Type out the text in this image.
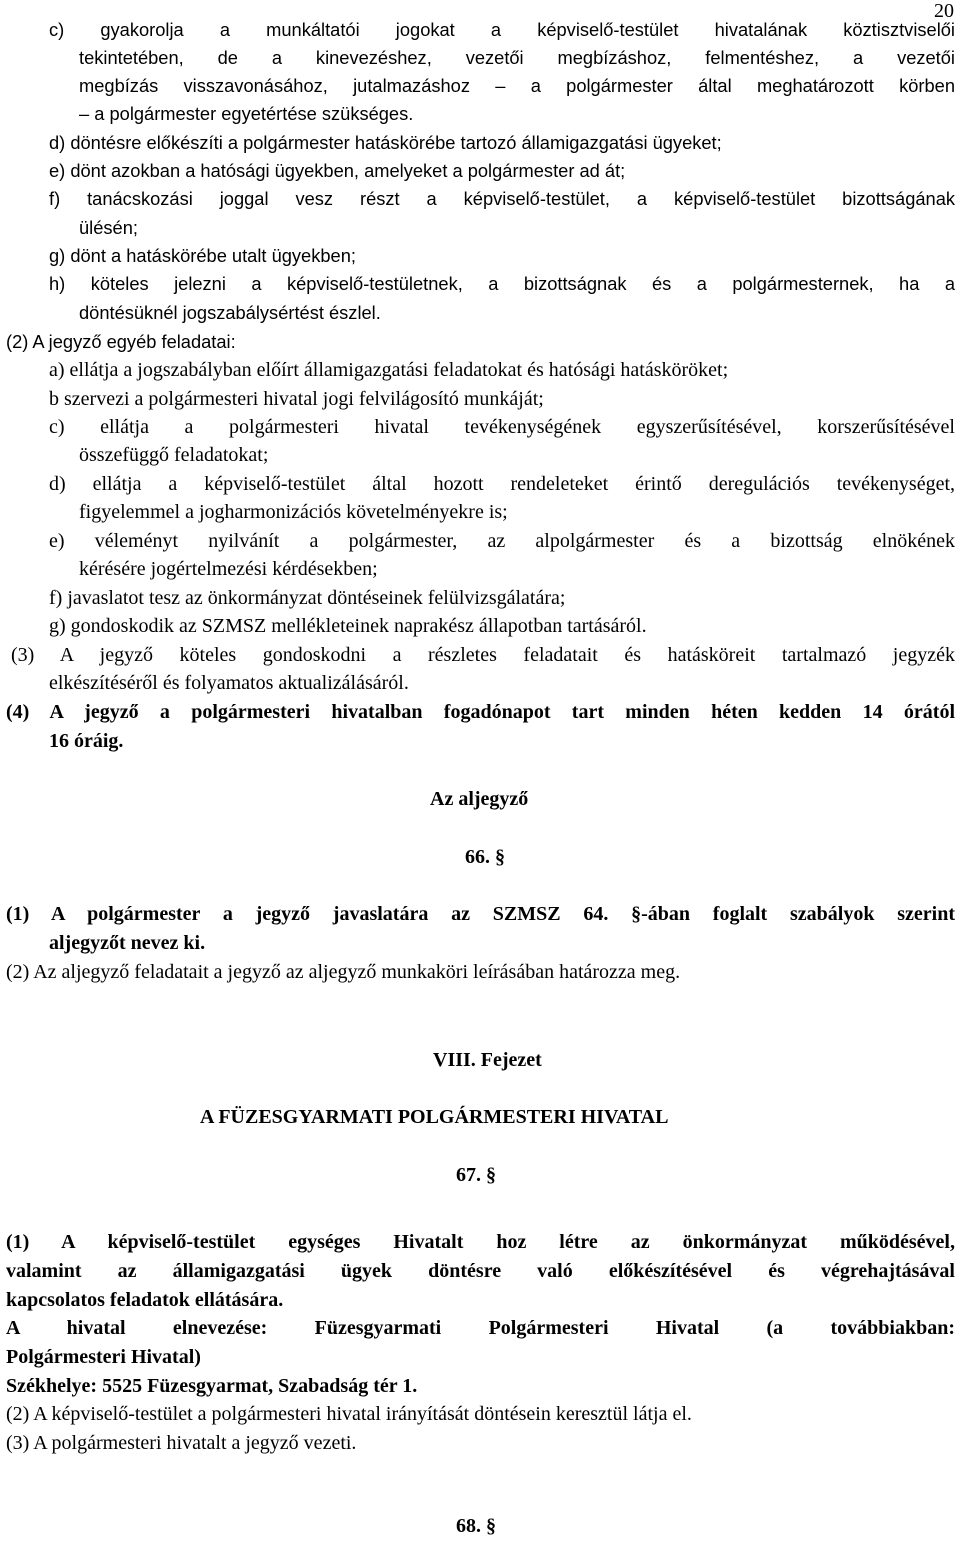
20
c) gyakorolja a munkáltatói jogokat a képviselő-testület hivatalának köztisztviselői
tekintetében, de a kinevezéshez, vezetői megbízáshoz, felmentéshez, a vezetői
megbízás visszavonásához, jutalmazáshoz – a polgármester által meghatározott körben
– a polgármester egyetértése szükséges.
d) döntésre előkészíti a polgármester hatáskörébe tartozó államigazgatási ügyeket;
e) dönt azokban a hatósági ügyekben, amelyeket a polgármester ad át;
f) tanácskozási joggal vesz részt a képviselő-testület, a képviselő-testület bizottságának
ülésén;
g) dönt a hatáskörébe utalt ügyekben;
h) köteles jelezni a képviselő-testületnek, a bizottságnak és a polgármesternek, ha a
döntésüknél jogszabálysértést észlel.
(2) A jegyző egyéb feladatai:
a) ellátja a jogszabályban előírt államigazgatási feladatokat és hatósági hatásköröket;
b szervezi a polgármesteri hivatal jogi felvilágosító munkáját;
c) ellátja a polgármesteri hivatal tevékenységének egyszerűsítésével, korszerűsítésével
összefüggő feladatokat;
d) ellátja a képviselő-testület által hozott rendeleteket érintő deregulációs tevékenységet,
figyelemmel a jogharmonizációs követelményekre is;
e) véleményt nyilvánít a polgármester, az alpolgármester és a bizottság elnökének
kérésére jogértelmezési kérdésekben;
f) javaslatot tesz az önkormányzat döntéseinek felülvizsgálatára;
g) gondoskodik az SZMSZ mellékleteinek naprakész állapotban tartásáról.
(3) A jegyző köteles gondoskodni a részletes feladatait és hatásköreit tartalmazó jegyzék
elkészítéséről és folyamatos aktualizálásáról.
(4) A jegyző a polgármesteri hivatalban fogadónapot tart minden héten kedden 14 órától
16 óráig.
Az aljegyző
66. §
(1) A polgármester a jegyző javaslatára az SZMSZ 64. §-ában foglalt szabályok szerint
aljegyzőt nevez ki.
(2) Az aljegyző feladatait a jegyző az aljegyző munkaköri leírásában határozza meg.
VIII. Fejezet
A FÜZESGYARMATI POLGÁRMESTERI HIVATAL
67. §
(1) A képviselő-testület egységes Hivatalt hoz létre az önkormányzat működésével,
valamint az államigazgatási ügyek döntésre való előkészítésével és végrehajtásával
kapcsolatos feladatok ellátására.
A hivatal elnevezése: Füzesgyarmati Polgármesteri Hivatal (a továbbiakban:
Polgármesteri Hivatal)
Székhelye: 5525 Füzesgyarmat, Szabadság tér 1.
(2) A képviselő-testület a polgármesteri hivatal irányítását döntésein keresztül látja el.
(3) A polgármesteri hivatalt a jegyző vezeti.
68. §
